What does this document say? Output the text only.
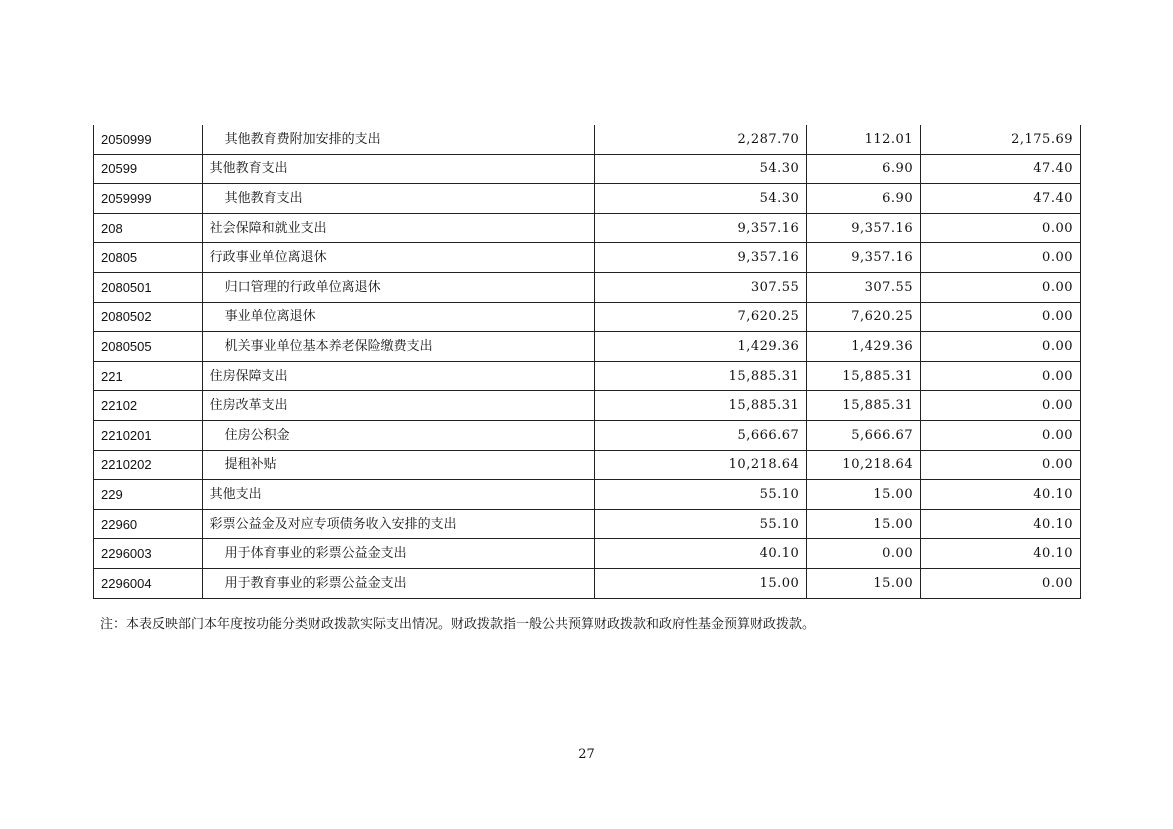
2050999	其他教育费附加安排的支出	2,287.70	112.01	2,175.69
20599	其他教育支出	54.30	6.90	47.40
2059999	其他教育支出	54.30	6.90	47.40
208	社会保障和就业支出	9,357.16	9,357.16	0.00
20805	行政事业单位离退休	9,357.16	9,357.16	0.00
2080501	归口管理的行政单位离退休	307.55	307.55	0.00
2080502	事业单位离退休	7,620.25	7,620.25	0.00
2080505	机关事业单位基本养老保险缴费支出	1,429.36	1,429.36	0.00
221	住房保障支出	15,885.31	15,885.31	0.00
22102	住房改革支出	15,885.31	15,885.31	0.00
2210201	住房公积金	5,666.67	5,666.67	0.00
2210202	提租补贴	10,218.64	10,218.64	0.00
229	其他支出	55.10	15.00	40.10
22960	彩票公益金及对应专项债务收入安排的支出	55.10	15.00	40.10
2296003	用于体育事业的彩票公益金支出	40.10	0.00	40.10
2296004	用于教育事业的彩票公益金支出	15.00	15.00	0.00
注：本表反映部门本年度按功能分类财政拨款实际支出情况。财政拨款指一般公共预算财政拨款和政府性基金预算财政拨款。
27
